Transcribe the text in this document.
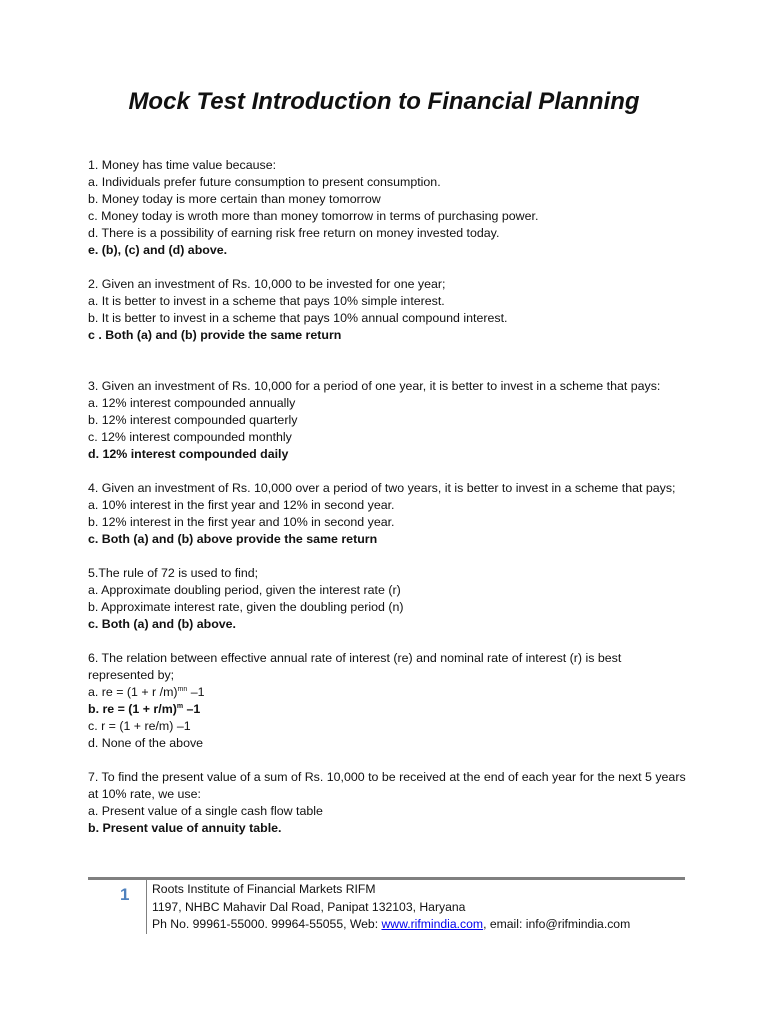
Mock Test Introduction to Financial Planning
1. Money has time value because:
a. Individuals prefer future consumption to present consumption.
b. Money today is more certain than money tomorrow
c. Money today is wroth more than money tomorrow in terms of purchasing power.
d. There is a possibility of earning risk free return on money invested today.
e. (b), (c) and (d) above.
2. Given an investment of Rs. 10,000 to be invested for one year;
a. It is better to invest in a scheme that pays 10% simple interest.
b. It is better to invest in a scheme that pays 10% annual compound interest.
c . Both (a) and (b) provide the same return
3. Given an investment of Rs. 10,000 for a period of one year, it is better to invest in a scheme that pays:
a. 12% interest compounded annually
b. 12% interest compounded quarterly
c. 12% interest compounded monthly
d. 12% interest compounded daily
4. Given an investment of Rs. 10,000 over a period of two years, it is better to invest in a scheme that pays;
a. 10% interest in the first year and 12% in second year.
b. 12% interest in the first year and 10% in second year.
c. Both (a) and (b) above provide the same return
5.The rule of 72 is used to find;
a. Approximate doubling period, given the interest rate (r)
b. Approximate interest rate, given the doubling period (n)
c. Both (a) and (b) above.
6. The relation between effective annual rate of interest (re) and nominal rate of interest (r) is best represented by;
a. re = (1 + r /m)$^{mn}$ –1
b. re = $(1 + r/m)^m$ –1
c. r = (1 + re/m) –1
d. None of the above
7. To find the present value of a sum of Rs. 10,000 to be received at the end of each year for the next 5 years at 10% rate, we use:
a. Present value of a single cash flow table
b. Present value of annuity table.
1 Roots Institute of Financial Markets RIFM
1197, NHBC Mahavir Dal Road, Panipat 132103, Haryana
Ph No. 99961-55000. 99964-55055, Web: www.rifmindia.com, email: info@rifmindia.com
